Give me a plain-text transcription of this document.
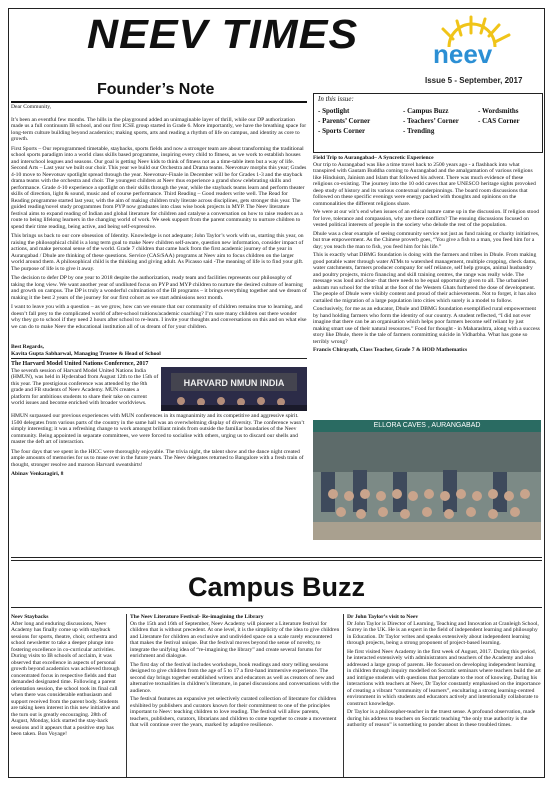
NEEV TIMES	neev
Issue 5 - September, 2017
Founder’s Note

Dear Community,

It’s been an eventful few months. The hills in the playground added an unimaginable layer of thrill, while our DP authorization made us a full continuum IB school, and our first ICSE group started in Grade 6. More importantly, we have the breathing space for long-term culture building beyond academics; making sports, arts and reading a rhythm of life on campus, and identity as core to growth.

First Sports – Our reprogrammed timetable, staybacks, sports fields and now a stronger team are about transforming the traditional school sports paradigm into a world class skills based programme, inspiring every child to fitness, as we work to establish houses and interschool leagues and seasons. Our goal is getting Neev kids to think of fitness not as a time-table item but a way of life. Second Arts – Last year we built our choir. This year we build our Orchestra and Drama teams. Neevotsav morphs this year; Grades 4-10 move to Neevotsav spotlight spread through the year. Neevotsav-Finale in December will be for Grades 1-3 and the stayback drama teams with the orchestra and choir. The youngest children at Neev thus experience a grand show celebrating skills and performance. Grade 4-10 experience a spotlight on their skills through the year, while the stayback teams learn and perform theater skills of direction, light & sound, music and of course performance. Third Reading – Good readers write well. The Read for Reading programme started last year, with the aim of making children truly literate across disciplines, gets stronger this year. The guided reading/novel study programmes from PYP now graduates into class wise book projects in MYP. The Neev literature festival aims to expand reading of Indian and global literature for children and catalyse a conversation on how to raise readers as a route to being lifelong learners in the changing world of work. We seek support from the parent community to nurture children to spend their time reading, being active, and being self-expressive.

This brings us back to our core obsession of Identity. Knowledge is not adequate; John Taylor’s work with us, starting this year, on raising the philosophical child is a long term goal to make Neev children self-aware, question new information, consider impact of actions, and make personal sense of the world. Grade 7 children that came back from the first academic journey of the year in Aurangabad / Dhule are thinking of these questions. Service (CAS/SAA) programs at Neev aim to focus children on the larger world around them. A philosophical child is the thinking and giving adult. As Picasso said -The meaning of life is to find your gift. The purpose of life is to give it away.

The decision to defer DP by one year to 2018 despite the authorization, ready team and facilities represents our philosophy of taking the long view. We want another year of undiluted focus on PYP and MYP children to nurture the desired culture of learning and growth on campus. The DP is truly a wonderful culmination of the IB programs – it brings everything together and we dream of making it the best 2 years of the journey for our first cohort as we start admissions next month.

I want to leave you with a question – as we grow, how can we ensure that our community of children remains true to learning, and doesn’t fall prey to the complicated world of after-school tuitions/academic coaching? I’m sure many children out there wonder why they go to school if they need 2 hours after school to re-learn. I invite your thoughts and conversations on this and on what else we can do to make Neev the educational institution all of us dream of for your children.

Best Regards,
Kavita Gupta Sabharwal, Managing Trustee & Head of School
The Harvard Model United Nations Conference, 2017

The seventh session of Harvard Model United Nations India (HMUN), was held in Hyderabad from August 12th to the 15th of this year. The prestigious conference was attended by the 8th grade and FB students of Neev Academy. MUN creates a platform for ambitious students to share their take on current world issues and become enriched with broader worldviews.

HARVARD NMUN INDIA

HMUN surpassed our previous experiences with MUN conferences in its magnanimity and its competitive and aggressive spirit. 1500 delegates from various parts of the country in the same hall was an overwhelming display of diversity. The conference wasn’t simply interesting; it was a refreshing change to work amongst brilliant minds from outside the familiar boundaries of the Neev community. Being appointed in separate committees, we were forced to socialise with others, urging us to discard our shells and master the deft art of interaction.

The four days that we spent in the HICC were thoroughly enjoyable. The trivia night, the talent show and the dance night created ample amounts of memories for us to muse over in the future years. The Neev delegates returned to Bangalore with a fresh train of thought, stronger resolve and maroon Harvard sweatshirts!

Abinav Venkatagiri, 8
In this issue:
- Spotlight	- Campus Buzz	- Wordsmiths
- Parents’ Corner	- Teachers’ Corner	- CAS Corner
- Sports Corner	- Trending
Field Trip to Aurangabad– A Syncretic Experience

Our trip to Aurangabad was like a time travel back to 2500 years ago - a flashback into what transpired with Gautam Buddha coming to Aurangabad and the amalgamation of various religions like Hinduism, Jainism and Islam that followed his advent. There was much evidence of these religious co-existing. The journey into the 10 odd caves that are UNESCO heritage sights provoked deep study of history and its various contextual underpinnings. The board room discussions that followed on these specific evenings were energy packed with thoughts and opinions on the commonalities the different religions share.

We were at our wit’s end when issues of an ethical nature came up in the discussion. If religion stood for love, tolerance and compassion, why are there conflicts? The ensuing discussions focused on vested political interests of people in the society who delude the rest of the population.

Dhule was a clear example of seeing community service not just as fund raising or charity initiatives, but true empowerment. As the Chinese proverb goes, “You give a fish to a man, you feed him for a day; you teach the man to fish, you feed him for his life.”

This is exactly what DBMG foundation is doing with the farmers and tribes in Dhule. From making good potable water through water ATMs to watershed management, multiple cropping, check dams, water catchments, farmers producer company for self reliance, self help groups, animal husbandry and poultry projects, micro financing and skill training centres, the range was really wide. The message was loud and clear- that there needs to be equal opportunity given to all. The urbanised ashram run school for the tribal at the foot of the Western Ghats furthered the dose of development. The people of Dhule were visibly content and proud of their achievements. Not to forget, it has also curtailed the migration of a large population into cities which surely is a model to follow.

Conclusively, for me as an educator, Dhule and DBMG foundation exemplified rural empowerment by hand holding farmers who form the identity of our country. A student reflected, “I did not ever imagine that there can be an organisation which helps poor farmers become self reliant by just making smart use of their natural resources.” Food for thought - in Maharashtra, along with a success story like Dhule, there is the tale of farmers committing suicide in Vidharbha. What has gone so terribly wrong?

Francis Chirayath, Class Teacher, Grade 7 & HOD Mathematics
ELLORA CAVES , AURANGABAD
Campus Buzz
Neev Staybacks
After long and enduring discussions, Neev Academy has finally come up with staybuck sessions for sports, theatre, choir, orchestra and school newsletter to take a deeper plunge into fostering excellence in co-curricular activities. During visits to IB schools of acclaim, it was observed that excellence in aspects of personal growth beyond academics was achieved through concentrated focus in respective fields and that demanded designated time. Following a parent orientation session, the school took its final call when there was considerable enthusiasm and support received from the parent body. Students are taking keen interest in this new initiative and the turn out is greatly encouraging. 28th of August, Monday, kick started the stay-back sessions and it appears that a positive step has been taken. Bon Voyage!
The Neev Literature Festival- Re-imagining the Library

On the 15th and 16th of September, Neev Academy will pioneer a Literature festival for children that is without precedent. At one level, it is the simplicity of the idea to give children and Literature for children an exclusive and undivided space on a scale rarely encountered that makes the festival unique. But the festival moves beyond the sense of novelty, to integrate the unifying idea of “re-imagining the library” and create several forums for enrichment and dialogue.

The first day of the festival includes workshops, book readings and story telling sessions designed to give children from the age of 5 to 17 a first-hand immersive experience. The second day brings together established writers and educators as well as creators of new and alternative textualities in children’s literature, in panel discussions and conversations with the audience.

The festival features an expansive yet selectively curated collection of literature for children exhibited by publishers and curators known for their commitment to one of the principles important to Neev: teaching children to love reading. The festival will allow parents, teachers, publishers, curators, librarians and children to come together to create a movement that will continue over the years, marked by adaptive resilience.

Dr John Taylor’s visit to Neev

Dr John Taylor is Director of Learning, Teaching and Innovation at Cranleigh School, Surrey in the UK. He is an expert in the field of independent learning and philosophy in Education. Dr Taylor writes and speaks extensively about independent learning through projects, being a strong proponent of project-based learning.

He first visited Neev Academy in the first week of August, 2017. During this period, he interacted extensively with administrators and teachers of the Academy and also addressed a large group of parents. He focussed on developing independent learning in children through inquiry modelled on Socratic seminars where teachers build the art and intrigue students with questions that percolate to the root of knowing. During his interactions with teachers at Neev, Dr Taylor constantly emphasised on the importance of creating a vibrant “community of learners”, encultaring a strong learning-centred environment in which students and educators actively and intentionally collaborate to construct knowledge.

Dr Taylor is a philosopher-teacher in the truest sense. A profound observation, made during his address to teachers on Socratic teaching “the only true authority is the authority of reason” is something to ponder about in these troubled times.
